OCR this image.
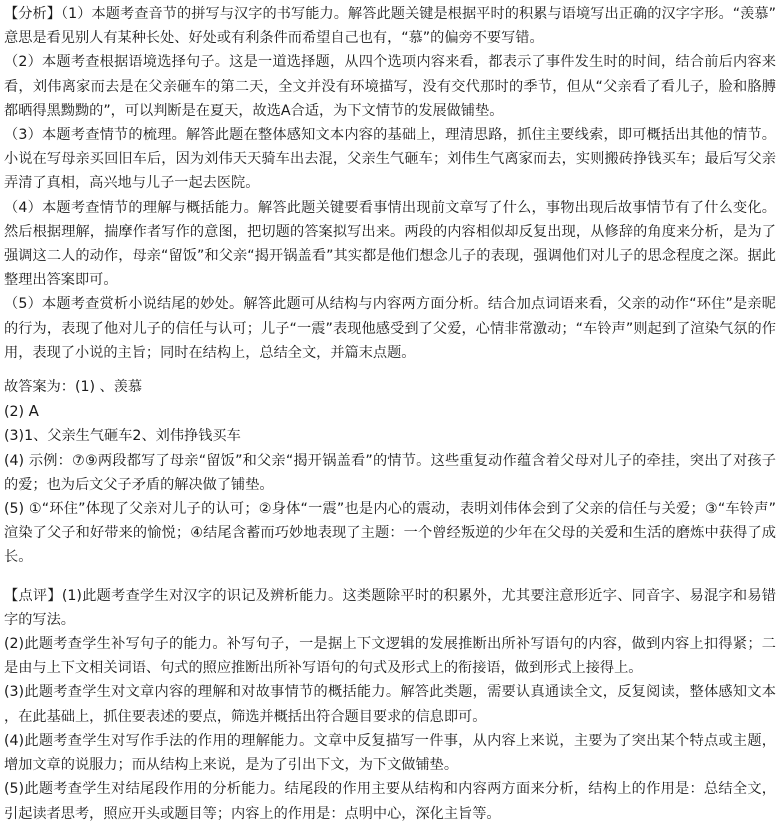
【分析】（1）本题考查音节的拼写与汉字的书写能力。解答此题关键是根据平时的积累与语境写出正确的汉字字形。“羡慕”意思是看见别人有某种长处、好处或有利条件而希望自己也有，“慕”的偏旁不要写错。

（2）本题考查根据语境选择句子。这是一道选择题，从四个选项内容来看，都表示了事件发生时的时间，结合前后内容来看，刘伟离家而去是在父亲砸车的第二天，全文并没有环境描写，没有交代那时的季节，但从“父亲看了看儿子，脸和胳膊都晒得黑黝黝的”，可以判断是在夏天，故选A合适，为下文情节的发展做铺垫。

（3）本题考查情节的梳理。解答此题在整体感知文本内容的基础上，理清思路，抓住主要线索，即可概括出其他的情节。小说在写母亲买回旧车后，因为刘伟天天骑车出去混，父亲生气砸车；刘伟生气离家而去，实则搬砖挣钱买车；最后写父亲弄清了真相，高兴地与儿子一起去医院。

（4）本题考查情节的理解与概括能力。解答此题关键要看事情出现前文章写了什么，事物出现后故事情节有了什么变化。然后根据理解，揣摩作者写作的意图，把切题的答案拟写出来。两段的内容相似却反复出现，从修辞的角度来分析，是为了强调这二人的动作，母亲“留饭”和父亲“揭开锅盖看”其实都是他们想念儿子的表现，强调他们对儿子的思念程度之深。据此整理出答案即可。

（5）本题考查赏析小说结尾的妙处。解答此题可从结构与内容两方面分析。结合加点词语来看，父亲的动作“环住”是亲昵的行为，表现了他对儿子的信任与认可；儿子“一震”表现他感受到了父爱，心情非常激动；“车铃声”则起到了渲染气氛的作用，表现了小说的主旨；同时在结构上，总结全文，并篇末点题。

故答案为：(1) 、羡慕

(2) A

(3)1、父亲生气砸车2、刘伟挣钱买车

(4) 示例：⑦⑨两段都写了母亲“留饭”和父亲“揭开锅盖看”的情节。这些重复动作蕴含着父母对儿子的牵挂，突出了对孩子的爱；也为后文父子矛盾的解决做了铺垫。

(5) ①“环住”体现了父亲对儿子的认可；②身体“一震”也是内心的震动，表明刘伟体会到了父亲的信任与关爱；③“车铃声”渲染了父子和好带来的愉悦；④结尾含蓄而巧妙地表现了主题：一个曾经叛逆的少年在父母的关爱和生活的磨炼中获得了成长。

【点评】(1)此题考查学生对汉字的识记及辨析能力。这类题除平时的积累外，尤其要注意形近字、同音字、易混字和易错字的写法。

(2)此题考查学生补写句子的能力。补写句子，一是据上下文逻辑的发展推断出所补写语句的内容，做到内容上扣得紧；二是由与上下文相关词语、句式的照应推断出所补写语句的句式及形式上的衔接语，做到形式上接得上。

(3)此题考查学生对文章内容的理解和对故事情节的概括能力。解答此类题，需要认真通读全文，反复阅读，整体感知文本，在此基础上，抓住要表述的要点，筛选并概括出符合题目要求的信息即可。

(4)此题考查学生对写作手法的作用的理解能力。文章中反复描写一件事，从内容上来说，主要为了突出某个特点或主题，增加文章的说服力；而从结构上来说，是为了引出下文，为下文做铺垫。

(5)此题考查学生对结尾段作用的分析能力。结尾段的作用主要从结构和内容两方面来分析，结构上的作用是：总结全文，引起读者思考，照应开头或题目等；内容上的作用是：点明中心，深化主旨等。
